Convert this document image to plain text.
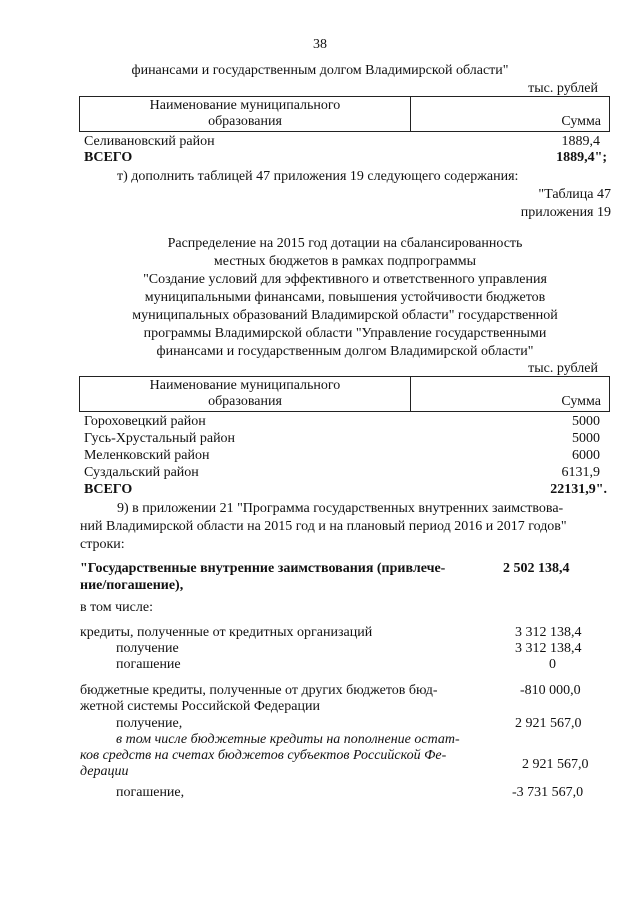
38
финансами и государственным долгом Владимирской области"
тыс. рублей
Наименование муниципального
образования	Сумма
Селивановский район	1889,4
ВСЕГО	1889,4";
т) дополнить таблицей 47 приложения 19 следующего содержания:
"Таблица 47
приложения 19
Распределение на 2015 год дотации на сбалансированность
местных бюджетов в рамках подпрограммы
"Создание условий для эффективного и ответственного управления
муниципальными финансами, повышения устойчивости бюджетов
муниципальных образований Владимирской области" государственной
программы Владимирской области "Управление государственными
финансами и государственным долгом Владимирской области"
тыс. рублей
Наименование муниципального
образования	Сумма
Гороховецкий район	5000
Гусь-Хрустальный район	5000
Меленковский район	6000
Суздальский район	6131,9
ВСЕГО	22131,9".
9) в приложении 21 "Программа государственных внутренних заимствова-
ний Владимирской области на 2015 год и на плановый период 2016 и 2017 годов"
строки:
"Государственные внутренние заимствования (привлече-
ние/погашение),
2 502 138,4
в том числе:
кредиты, полученные от кредитных организаций	3 312 138,4
получение	3 312 138,4
погашение	0
бюджетные кредиты, полученные от других бюджетов бюд-
жетной системы Российской Федерации
-810 000,0
получение,	2 921 567,0
в том числе бюджетные кредиты на пополнение остат-
ков средств на счетах бюджетов субъектов Российской Фе-
дерации	2 921 567,0
погашение,	-3 731 567,0
